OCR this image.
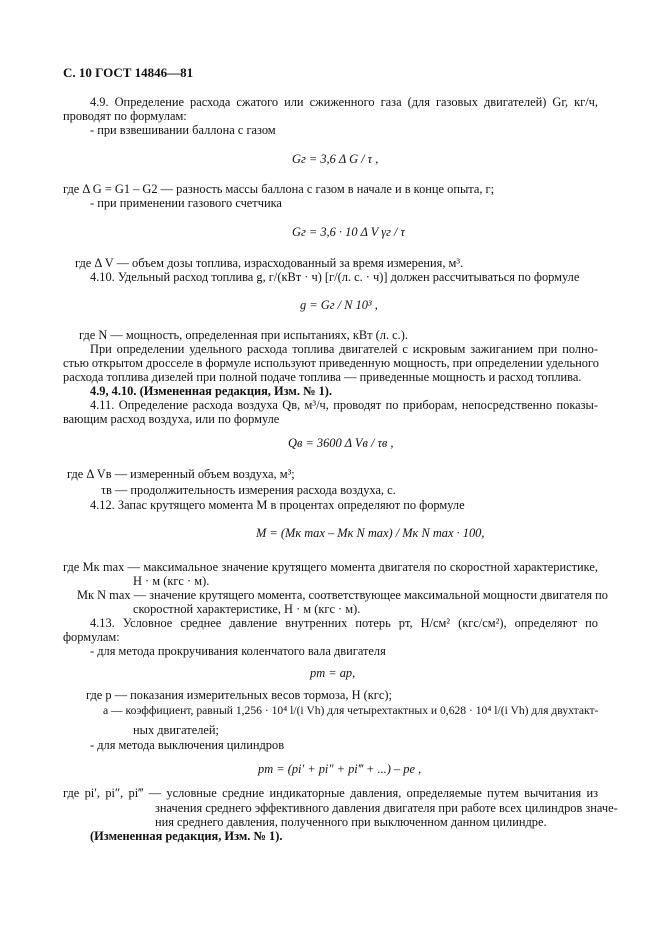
С. 10 ГОСТ 14846—81
4.9. Определение расхода сжатого или сжиженного газа (для газовых двигателей) Gг, кг/ч,
проводят по формулам:
- при взвешивании баллона с газом
Gг = 3,6 Δ G / τ ,
где Δ G = G1 – G2 — разность массы баллона с газом в начале и в конце опыта, г;
- при применении газового счетчика
Gг = 3,6 · 10 Δ V γг / τ
где Δ V — объем дозы топлива, израсходованный за время измерения, м³.
4.10. Удельный расход топлива g, г/(кВт · ч) [г/(л. с. · ч)] должен рассчитываться по формуле
g = Gг / N 10³ ,
где N — мощность, определенная при испытаниях, кВт (л. с.).
При определении удельного расхода топлива двигателей с искровым зажиганием при полно-
стью открытом дросселе в формуле используют приведенную мощность, при определении удельного
расхода топлива дизелей при полной подаче топлива — приведенные мощность и расход топлива.
4.9, 4.10. (Измененная редакция, Изм. № 1).
4.11. Определение расхода воздуха Qв, м³/ч, проводят по приборам, непосредственно показы-
вающим расход воздуха, или по формуле
Qв = 3600 Δ Vв / τв ,
где Δ Vв — измеренный объем воздуха, м³;
τв — продолжительность измерения расхода воздуха, с.
4.12. Запас крутящего момента M в процентах определяют по формуле
M = (Mк max – Mк N max) / Mк N max · 100,
где Mк max — максимальное значение крутящего момента двигателя по скоростной характеристике,
Н · м (кгс · м).
Mк N max — значение крутящего момента, соответствующее максимальной мощности двигателя по
скоростной характеристике, Н · м (кгс · м).
4.13. Условное среднее давление внутренних потерь pт, Н/см² (кгс/см²), определяют по
формулам:
- для метода прокручивания коленчатого вала двигателя
pт = ap,
где p — показания измерительных весов тормоза, Н (кгс);
a — коэффициент, равный 1,256 · 10⁴ l/(i Vh) для четырехтактных и 0,628 · 10⁴ l/(i Vh) для двухтакт-
ных двигателей;
- для метода выключения цилиндров
pт = (pi′ + pi″ + pi‴ + ...) – pe ,
где pi′, pi″, pi‴ — условные средние индикаторные давления, определяемые путем вычитания из
значения среднего эффективного давления двигателя при работе всех цилиндров значе-
ния среднего давления, полученного при выключенном данном цилиндре.
(Измененная редакция, Изм. № 1).
